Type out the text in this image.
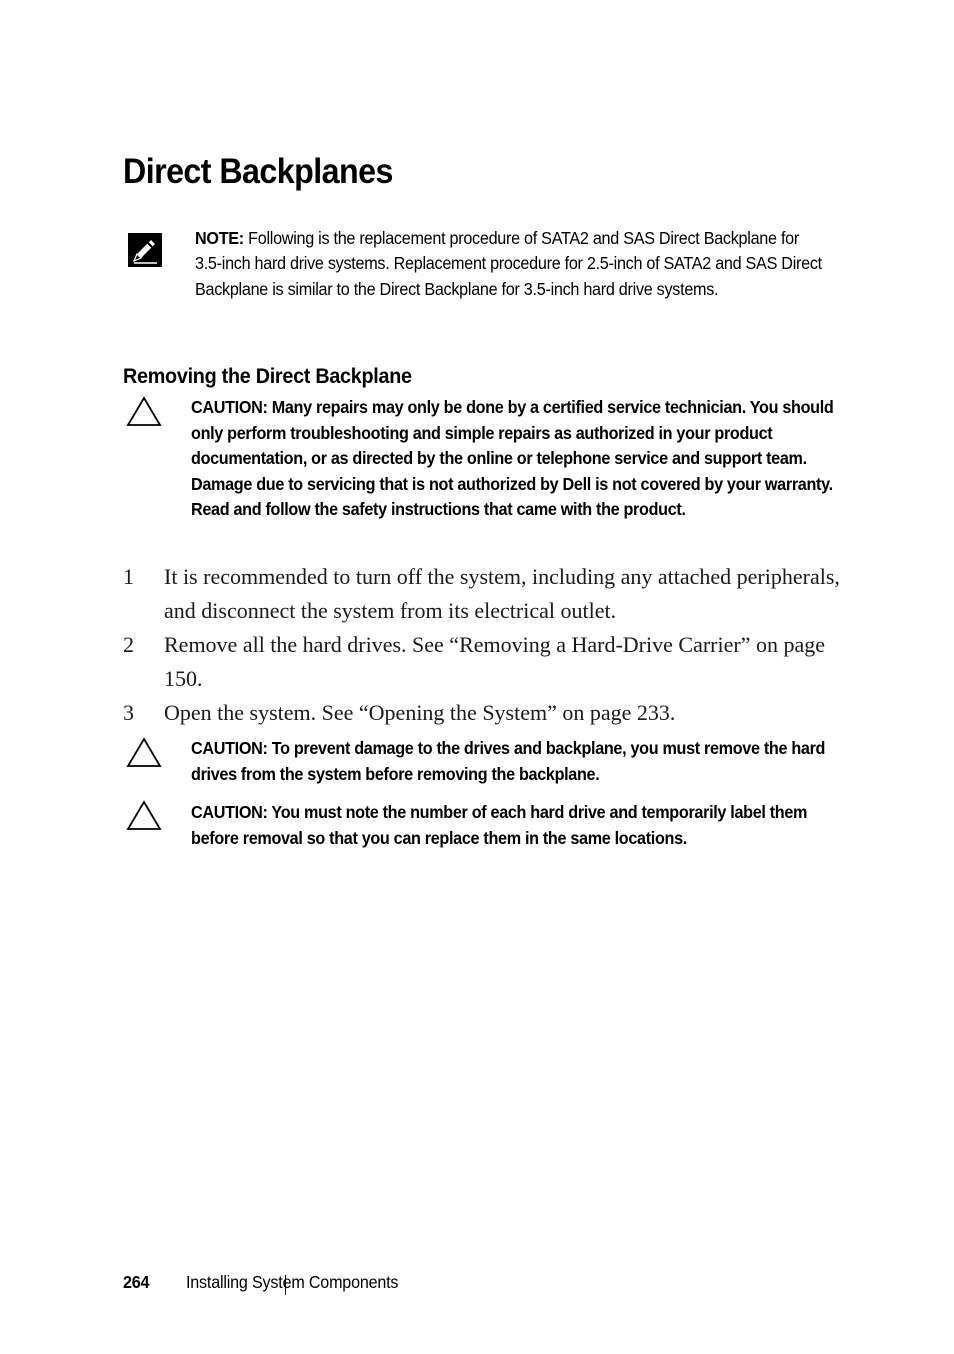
Direct Backplanes
NOTE: Following is the replacement procedure of SATA2 and SAS Direct Backplane for 3.5-inch hard drive systems. Replacement procedure for 2.5-inch of SATA2 and SAS Direct Backplane is similar to the Direct Backplane for 3.5-inch hard drive systems.
Removing the Direct Backplane
CAUTION: Many repairs may only be done by a certified service technician. You should only perform troubleshooting and simple repairs as authorized in your product documentation, or as directed by the online or telephone service and support team. Damage due to servicing that is not authorized by Dell is not covered by your warranty. Read and follow the safety instructions that came with the product.
1 It is recommended to turn off the system, including any attached peripherals, and disconnect the system from its electrical outlet.
2 Remove all the hard drives. See “Removing a Hard-Drive Carrier” on page 150.
3 Open the system. See “Opening the System” on page 233.
CAUTION: To prevent damage to the drives and backplane, you must remove the hard drives from the system before removing the backplane.
CAUTION: You must note the number of each hard drive and temporarily label them before removal so that you can replace them in the same locations.
264 Installing System Components
